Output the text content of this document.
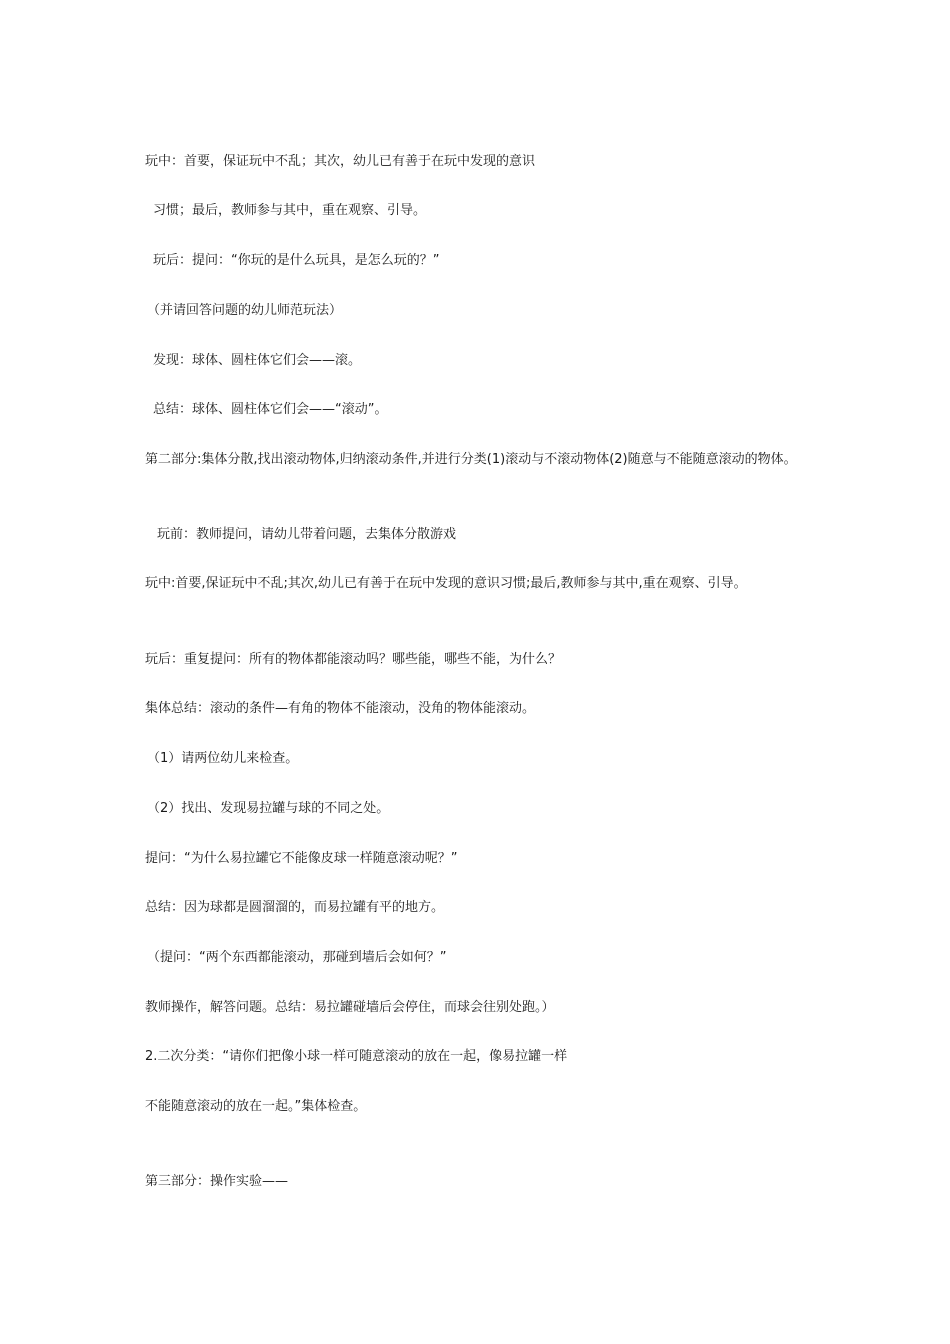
玩中：首要，保证玩中不乱；其次，幼儿已有善于在玩中发现的意识

习惯；最后，教师参与其中，重在观察、引导。

玩后：提问：“你玩的是什么玩具，是怎么玩的？”

（并请回答问题的幼儿师范玩法）

发现：球体、圆柱体它们会——滚。

总结：球体、圆柱体它们会——“滚动”。

第二部分:集体分散,找出滚动物体,归纳滚动条件,并进行分类(1)滚动与不滚动物体(2)随意与不能随意滚动的物体。

玩前：教师提问，请幼儿带着问题，去集体分散游戏

玩中:首要,保证玩中不乱;其次,幼儿已有善于在玩中发现的意识习惯;最后,教师参与其中,重在观察、引导。

玩后：重复提问：所有的物体都能滚动吗？哪些能，哪些不能，为什么？

集体总结：滚动的条件—有角的物体不能滚动，没角的物体能滚动。

（1）请两位幼儿来检查。

（2）找出、发现易拉罐与球的不同之处。

提问：“为什么易拉罐它不能像皮球一样随意滚动呢？”

总结：因为球都是圆溜溜的，而易拉罐有平的地方。

（提问：“两个东西都能滚动，那碰到墙后会如何？”

教师操作，解答问题。总结：易拉罐碰墙后会停住，而球会往别处跑。）

2.二次分类：“请你们把像小球一样可随意滚动的放在一起，像易拉罐一样

不能随意滚动的放在一起。”集体检查。

第三部分：操作实验——
